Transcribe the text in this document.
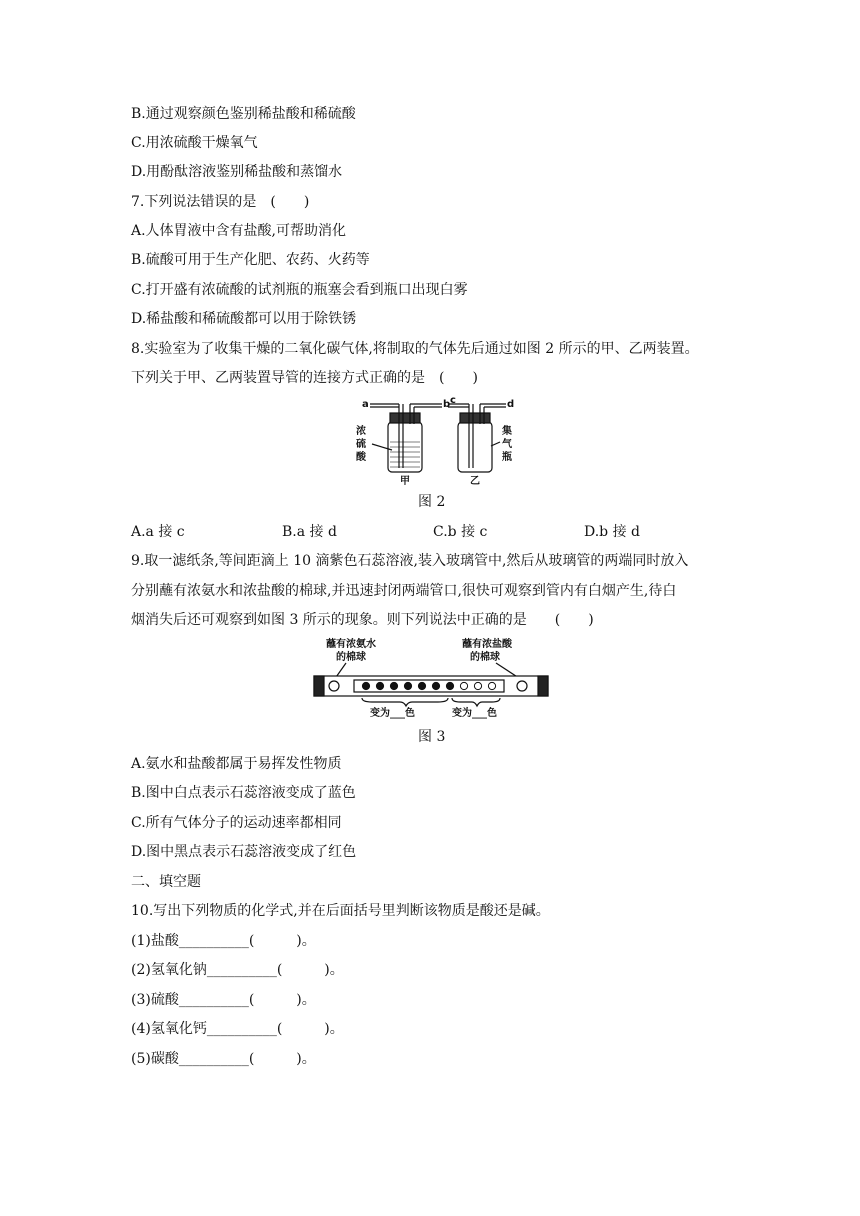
B.通过观察颜色鉴别稀盐酸和稀硫酸
C.用浓硫酸干燥氧气
D.用酚酞溶液鉴别稀盐酸和蒸馏水
7.下列说法错误的是　(　　)
A.人体胃液中含有盐酸,可帮助消化
B.硫酸可用于生产化肥、农药、火药等
C.打开盛有浓硫酸的试剂瓶的瓶塞会看到瓶口出现白雾
D.稀盐酸和稀硫酸都可以用于除铁锈
8.实验室为了收集干燥的二氧化碳气体,将制取的气体先后通过如图 2 所示的甲、乙两装置。
下列关于甲、乙两装置导管的连接方式正确的是　(　　)
a	b c	d
浓
硫
酸
集
气
瓶
甲	乙
图 2
A.a 接 c	B.a 接 d	C.b 接 c	D.b 接 d
9.取一滤纸条,等间距滴上 10 滴紫色石蕊溶液,装入玻璃管中,然后从玻璃管的两端同时放入
分别蘸有浓氨水和浓盐酸的棉球,并迅速封闭两端管口,很快可观察到管内有白烟产生,待白
烟消失后还可观察到如图 3 所示的现象。则下列说法中正确的是　　(　　)
蘸有浓氨水
的棉球
蘸有浓盐酸
的棉球
变为___色	变为___色
图 3
A.氨水和盐酸都属于易挥发性物质
B.图中白点表示石蕊溶液变成了蓝色
C.所有气体分子的运动速率都相同
D.图中黑点表示石蕊溶液变成了红色
二、填空题
10.写出下列物质的化学式,并在后面括号里判断该物质是酸还是碱。
(1)盐酸__________(　　　)。
(2)氢氧化钠__________(　　　)。
(3)硫酸__________(　　　)。
(4)氢氧化钙__________(　　　)。
(5)碳酸__________(　　　)。
